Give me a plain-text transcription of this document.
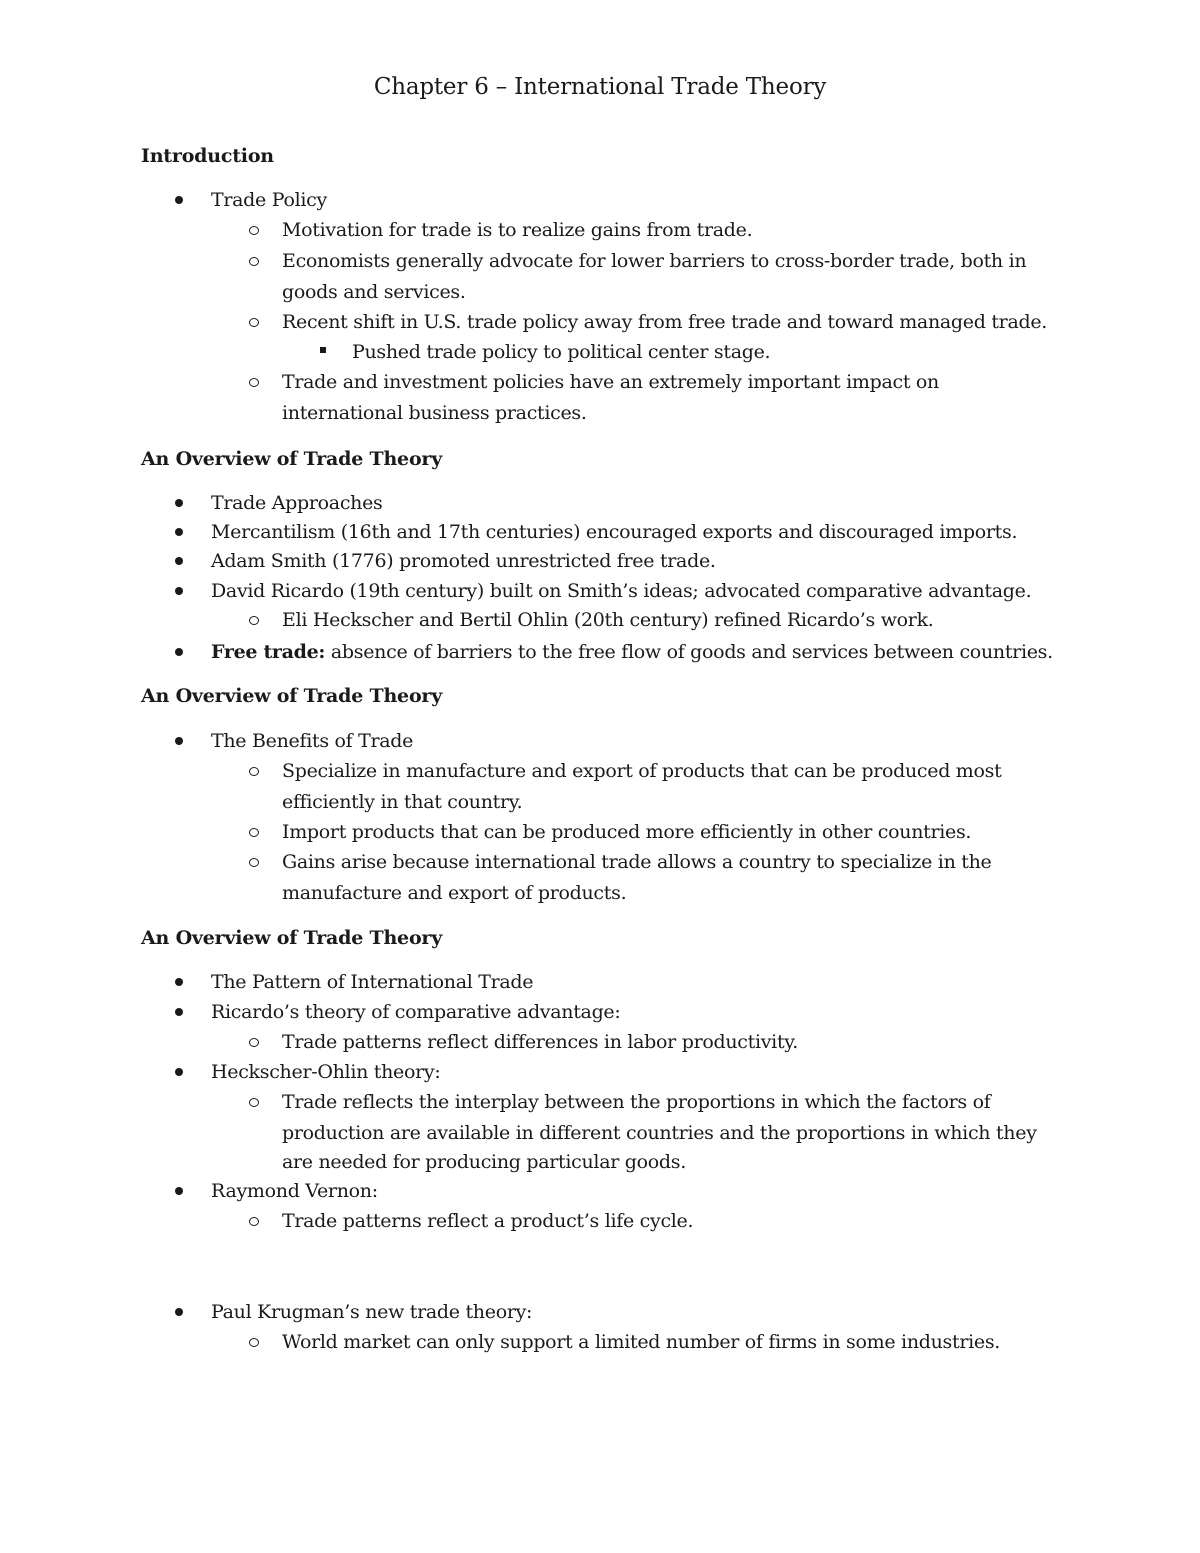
Chapter 6 – International Trade Theory
Introduction
Trade Policy
Motivation for trade is to realize gains from trade.
Economists generally advocate for lower barriers to cross-border trade, both in
goods and services.
Recent shift in U.S. trade policy away from free trade and toward managed trade.
Pushed trade policy to political center stage.
Trade and investment policies have an extremely important impact on
international business practices.
An Overview of Trade Theory
Trade Approaches
Mercantilism (16th and 17th centuries) encouraged exports and discouraged imports.
Adam Smith (1776) promoted unrestricted free trade.
David Ricardo (19th century) built on Smith’s ideas; advocated comparative advantage.
Eli Heckscher and Bertil Ohlin (20th century) refined Ricardo’s work.
Free trade: absence of barriers to the free flow of goods and services between countries.
An Overview of Trade Theory
The Benefits of Trade
Specialize in manufacture and export of products that can be produced most
efficiently in that country.
Import products that can be produced more efficiently in other countries.
Gains arise because international trade allows a country to specialize in the
manufacture and export of products.
An Overview of Trade Theory
The Pattern of International Trade
Ricardo’s theory of comparative advantage:
Trade patterns reflect differences in labor productivity.
Heckscher-Ohlin theory:
Trade reflects the interplay between the proportions in which the factors of
production are available in different countries and the proportions in which they
are needed for producing particular goods.
Raymond Vernon:
Trade patterns reflect a product’s life cycle.
Paul Krugman’s new trade theory:
World market can only support a limited number of firms in some industries.
